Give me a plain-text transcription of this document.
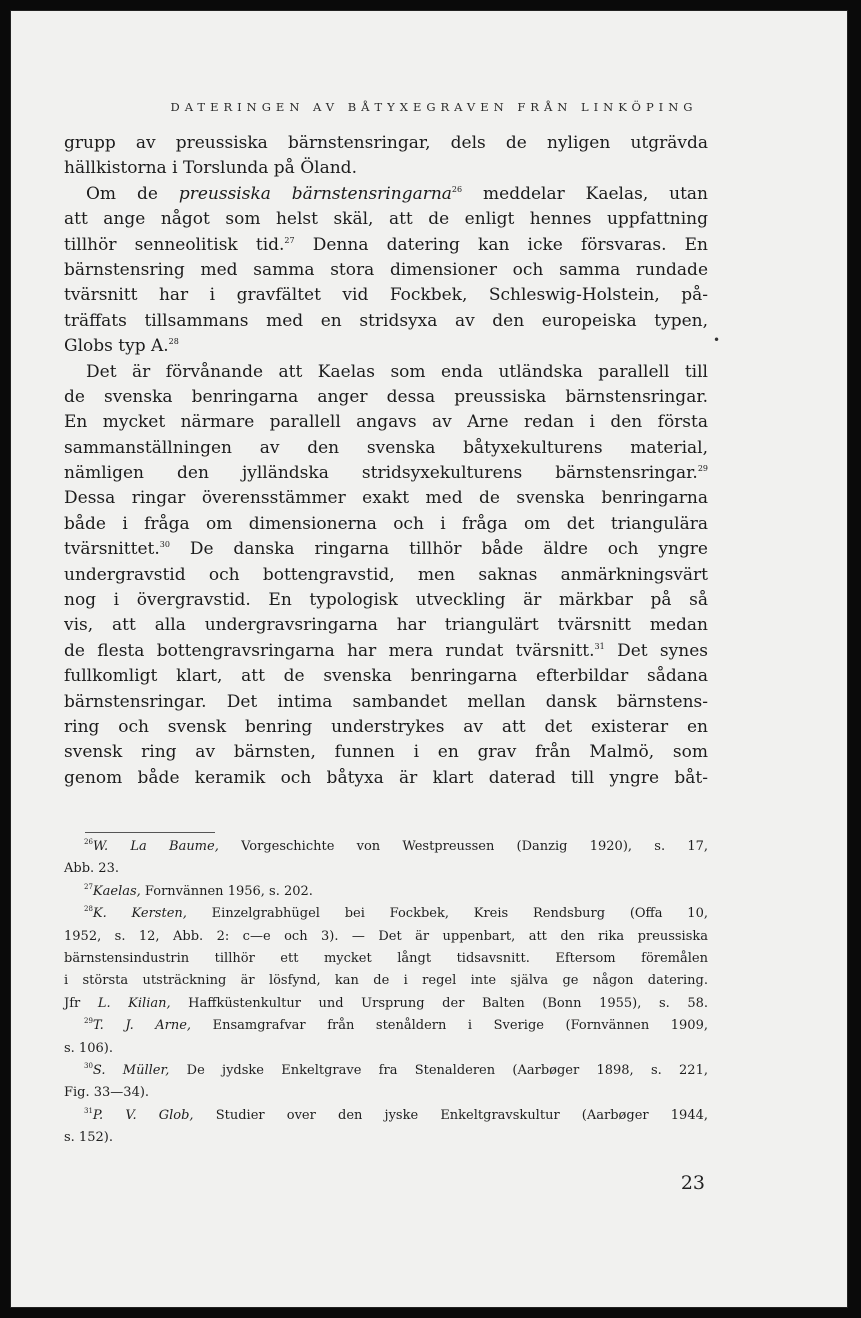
DATERINGEN AV BÅTYXEGRAVEN FRÅN LINKÖPING
grupp av preussiska bärnstensringar, dels de nyligen utgrävda
hällkistorna i Torslunda på Öland.
Om de preussiska bärnstensringarna$^{26}$ meddelar Kaelas, utan
att ange något som helst skäl, att de enligt hennes uppfattning
tillhör senneolitisk tid.$^{27}$ Denna datering kan icke försvaras. En
bärnstensring med samma stora dimensioner och samma rundade
tvärsnitt har i gravfältet vid Fockbek, Schleswig-Holstein, på-
träffats tillsammans med en stridsyxa av den europeiska typen,
Globs typ A.$^{28}$
Det är förvånande att Kaelas som enda utländska parallell till
de svenska benringarna anger dessa preussiska bärnstensringar.
En mycket närmare parallell angavs av Arne redan i den första
sammanställningen av den svenska båtyxekulturens material,
nämligen den jylländska stridsyxekulturens bärnstensringar.$^{29}$
Dessa ringar överensstämmer exakt med de svenska benringarna
både i fråga om dimensionerna och i fråga om det triangulära
tvärsnittet.$^{30}$ De danska ringarna tillhör både äldre och yngre
undergravstid och bottengravstid, men saknas anmärkningsvärt
nog i övergravstid. En typologisk utveckling är märkbar på så
vis, att alla undergravsringarna har triangulärt tvärsnitt medan
de flesta bottengravsringarna har mera rundat tvärsnitt.$^{31}$ Det synes
fullkomligt klart, att de svenska benringarna efterbildar sådana
bärnstensringar. Det intima sambandet mellan dansk bärnstens-
ring och svensk benring understrykes av att det existerar en
svensk ring av bärnsten, funnen i en grav från Malmö, som
genom både keramik och båtyxa är klart daterad till yngre båt-
•
$^{26}$W. La Baume, Vorgeschichte von Westpreussen (Danzig 1920), s. 17,
Abb. 23.
$^{27}$Kaelas, Fornvännen 1956, s. 202.
$^{28}$K. Kersten, Einzelgrabhügel bei Fockbek, Kreis Rendsburg (Offa 10,
1952, s. 12, Abb. 2: c—e och 3). — Det är uppenbart, att den rika preussiska
bärnstensindustrin tillhör ett mycket långt tidsavsnitt. Eftersom föremålen
i största utsträckning är lösfynd, kan de i regel inte själva ge någon datering.
Jfr L. Kilian, Haffküstenkultur und Ursprung der Balten (Bonn 1955), s. 58.
$^{29}$T. J. Arne, Ensamgrafvar från stenåldern i Sverige (Fornvännen 1909,
s. 106).
$^{30}$S. Müller, De jydske Enkeltgrave fra Stenalderen (Aarbøger 1898, s. 221,
Fig. 33—34).
$^{31}$P. V. Glob, Studier over den jyske Enkeltgravskultur (Aarbøger 1944,
s. 152).
23
